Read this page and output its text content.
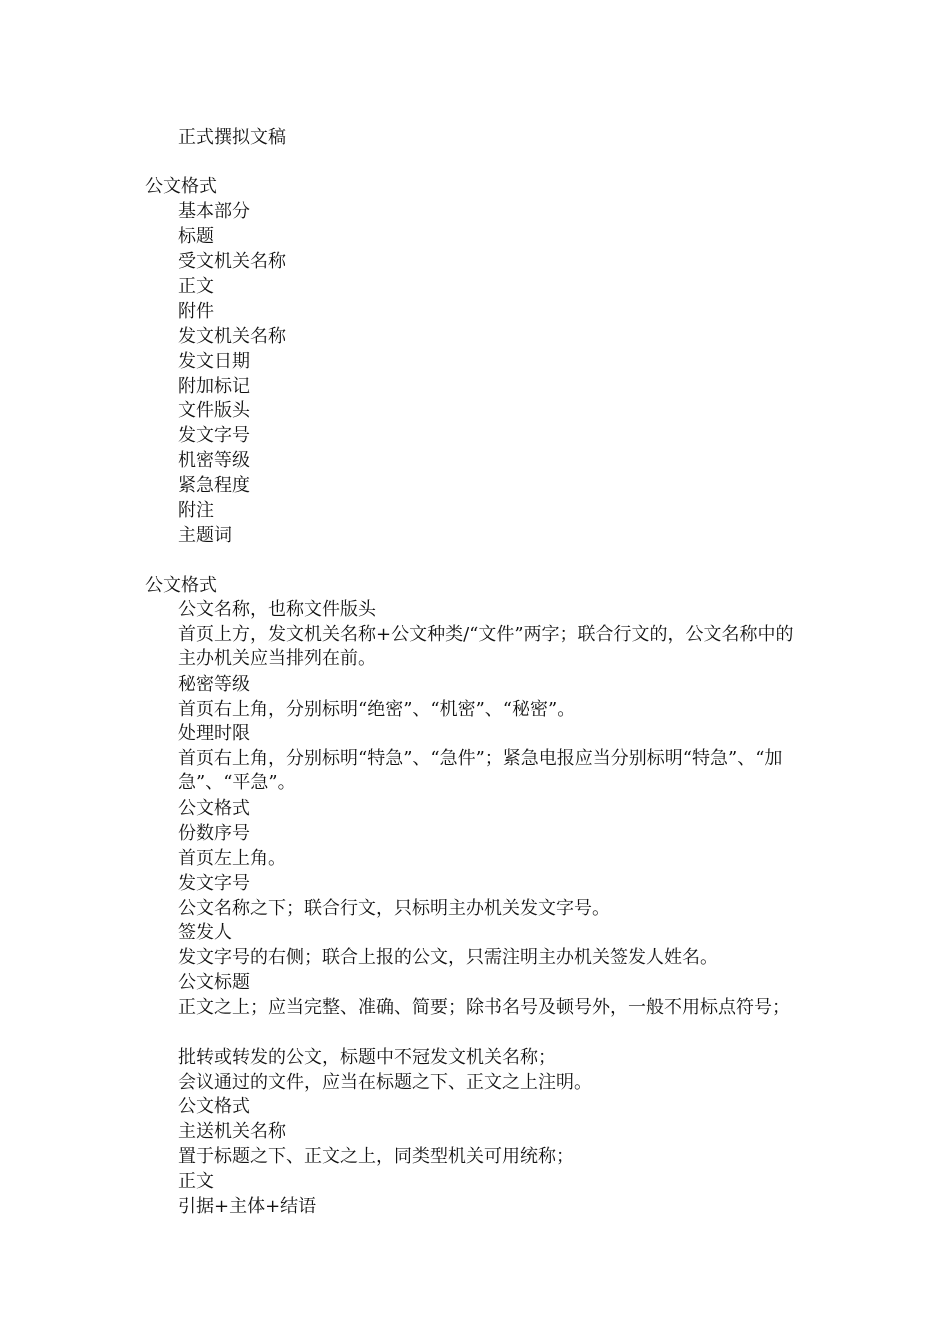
正式撰拟文稿
公文格式
基本部分
标题
受文机关名称
正文
附件
发文机关名称
发文日期
附加标记
文件版头
发文字号
机密等级
紧急程度
附注
主题词
公文格式
公文名称，也称文件版头
首页上方，发文机关名称+公文种类/“文件”两字；联合行文的，公文名称中的主办机关应当排列在前。
秘密等级
首页右上角，分别标明“绝密”、“机密”、“秘密”。
处理时限
首页右上角，分别标明“特急”、“急件”；紧急电报应当分别标明“特急”、“加急”、“平急”。
公文格式
份数序号
首页左上角。
发文字号
公文名称之下；联合行文，只标明主办机关发文字号。
签发人
发文字号的右侧；联合上报的公文，只需注明主办机关签发人姓名。
公文标题
正文之上；应当完整、准确、简要；除书名号及顿号外，一般不用标点符号；
批转或转发的公文，标题中不冠发文机关名称；
会议通过的文件，应当在标题之下、正文之上注明。
公文格式
主送机关名称
置于标题之下、正文之上，同类型机关可用统称；
正文
引据+主体+结语
